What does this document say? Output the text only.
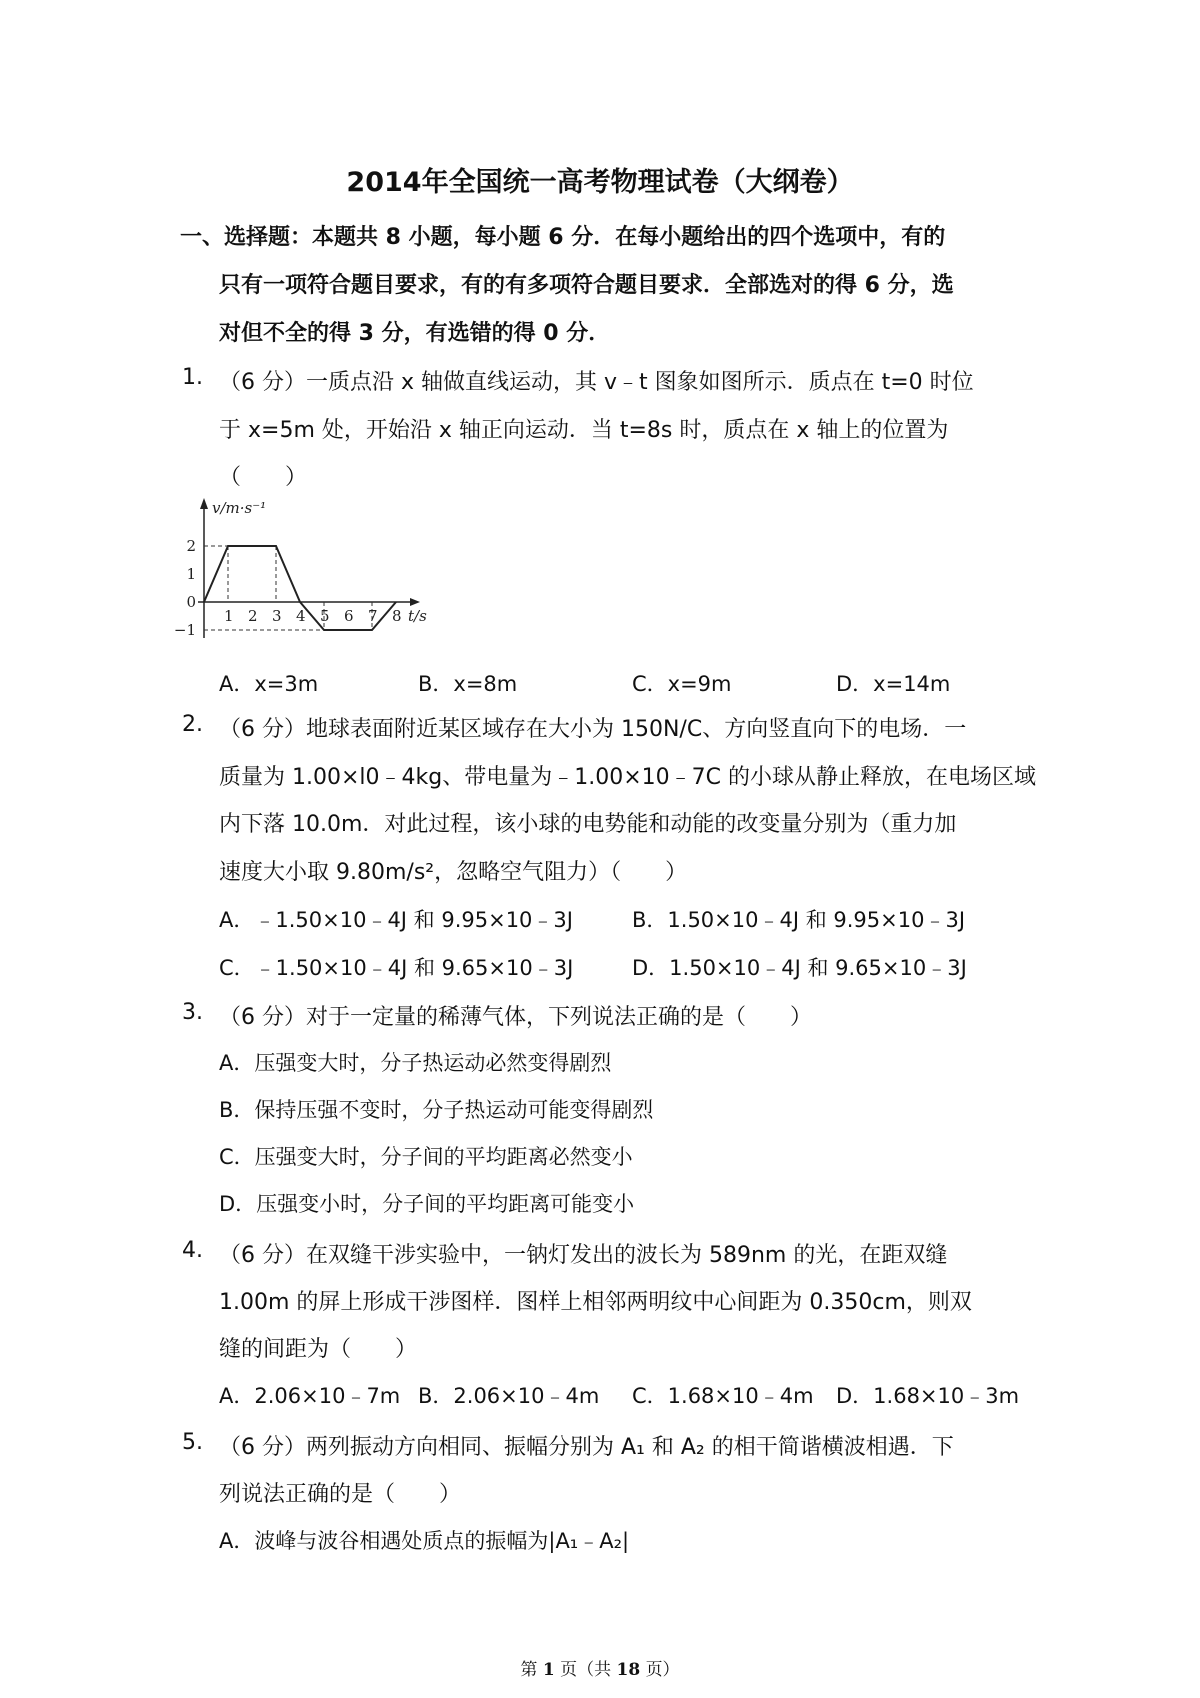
2014年全国统一高考物理试卷（大纲卷）
一、选择题：本题共 8 小题，每小题 6 分．在每小题给出的四个选项中，有的
只有一项符合题目要求，有的有多项符合题目要求．全部选对的得 6 分，选
对但不全的得 3 分，有选错的得 0 分．
1. （6 分）一质点沿 x 轴做直线运动，其 v﹣t 图象如图所示．质点在 t=0 时位
于 x=5m 处，开始沿 x 轴正向运动．当 t=8s 时，质点在 x 轴上的位置为
（　　）
1 2 3 4 5 6 7 8
2
1
0
−1
v/m·s⁻¹
t/s
A．x=3m	B．x=8m	C．x=9m	D．x=14m
2. （6 分）地球表面附近某区域存在大小为 150N/C、方向竖直向下的电场．一
质量为 1.00×l0﹣4kg、带电量为﹣1.00×10﹣7C 的小球从静止释放，在电场区域
内下落 10.0m．对此过程，该小球的电势能和动能的改变量分别为（重力加
速度大小取 9.80m/s²，忽略空气阻力）（　　）
A．﹣1.50×10﹣4J 和 9.95×10﹣3J	B．1.50×10﹣4J 和 9.95×10﹣3J
C．﹣1.50×10﹣4J 和 9.65×10﹣3J	D．1.50×10﹣4J 和 9.65×10﹣3J
3. （6 分）对于一定量的稀薄气体，下列说法正确的是（　　）
A．压强变大时，分子热运动必然变得剧烈
B．保持压强不变时，分子热运动可能变得剧烈
C．压强变大时，分子间的平均距离必然变小
D．压强变小时，分子间的平均距离可能变小
4. （6 分）在双缝干涉实验中，一钠灯发出的波长为 589nm 的光，在距双缝
1.00m 的屏上形成干涉图样．图样上相邻两明纹中心间距为 0.350cm，则双
缝的间距为（　　）
A．2.06×10﹣7m B．2.06×10﹣4m C．1.68×10﹣4m D．1.68×10﹣3m
5. （6 分）两列振动方向相同、振幅分别为 A₁ 和 A₂ 的相干简谐横波相遇．下
列说法正确的是（　　）
A．波峰与波谷相遇处质点的振幅为|A₁﹣A₂|
第 1 页（共 18 页）
